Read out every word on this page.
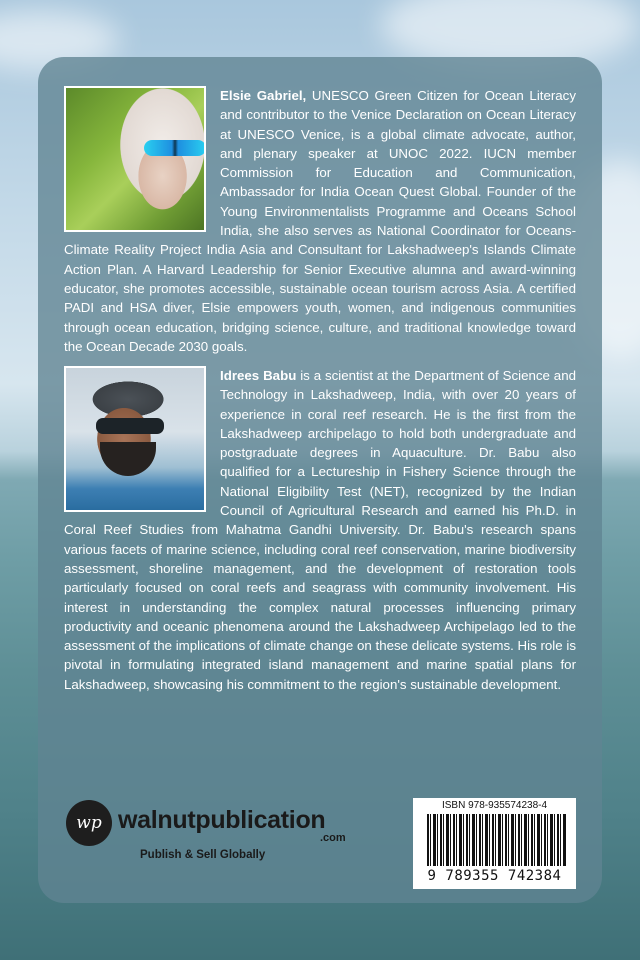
Elsie Gabriel, UNESCO Green Citizen for Ocean Literacy and contributor to the Venice Declaration on Ocean Literacy at UNESCO Venice, is a global climate advocate, author, and plenary speaker at UNOC 2022. IUCN member Commission for Education and Communication, Ambassador for India Ocean Quest Global. Founder of the Young Environmentalists Programme and Oceans School India, she also serves as National Coordinator for Oceans-Climate Reality Project India Asia and Consultant for Lakshadweep's Islands Climate Action Plan. A Harvard Leadership for Senior Executive alumna and award-winning educator, she promotes accessible, sustainable ocean tourism across Asia. A certified PADI and HSA diver, Elsie empowers youth, women, and indigenous communities through ocean education, bridging science, culture, and traditional knowledge toward the Ocean Decade 2030 goals.
Idrees Babu is a scientist at the Department of Science and Technology in Lakshadweep, India, with over 20 years of experience in coral reef research. He is the first from the Lakshadweep archipelago to hold both undergraduate and postgraduate degrees in Aquaculture. Dr. Babu also qualified for a Lectureship in Fishery Science through the National Eligibility Test (NET), recognized by the Indian Council of Agricultural Research and earned his Ph.D. in Coral Reef Studies from Mahatma Gandhi University. Dr. Babu's research spans various facets of marine science, including coral reef conservation, marine biodiversity assessment, shoreline management, and the development of restoration tools particularly focused on coral reefs and seagrass with community involvement. His interest in understanding the complex natural processes influencing primary productivity and oceanic phenomena around the Lakshadweep Archipelago led to the assessment of the implications of climate change on these delicate systems. His role is pivotal in formulating integrated island management and marine spatial plans for Lakshadweep, showcasing his commitment to the region's sustainable development.
wp walnutpublication
.com
Publish & Sell Globally
ISBN 978-935574238-4
9 789355 742384
